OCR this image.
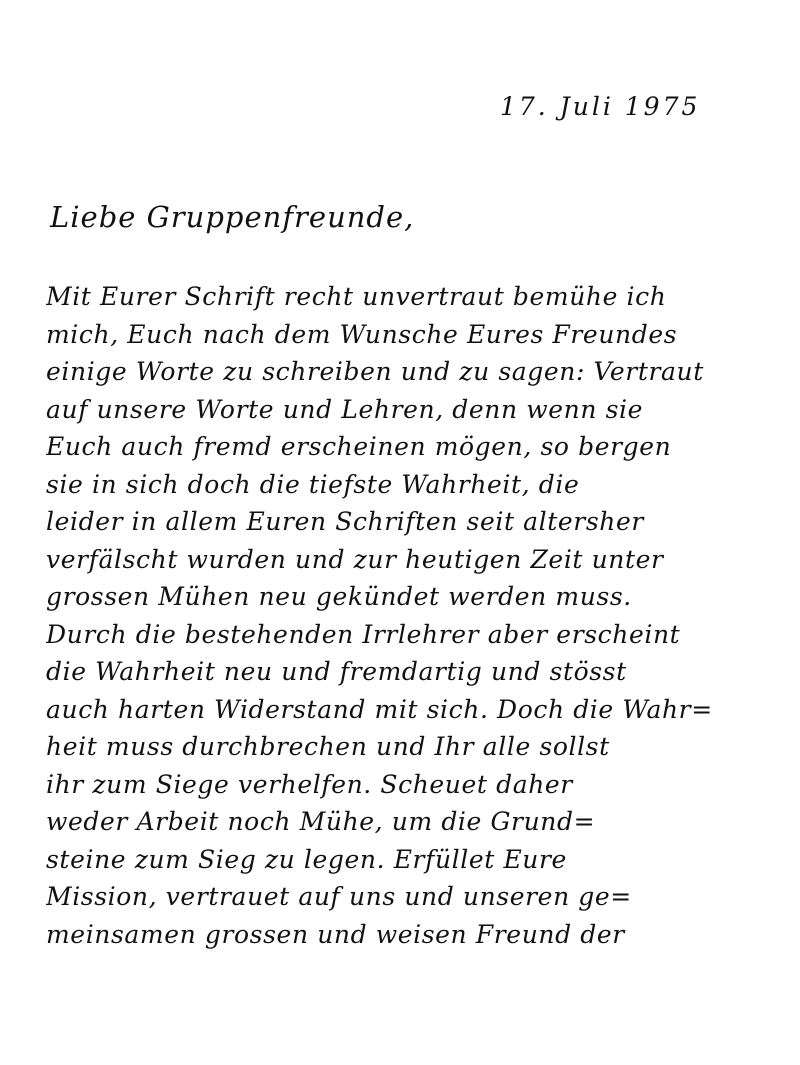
17. Juli 1975
Liebe Gruppenfreunde,
Mit Eurer Schrift recht unvertraut bemühe ich
mich, Euch nach dem Wunsche Eures Freundes
einige Worte zu schreiben und zu sagen: Vertraut
auf unsere Worte und Lehren, denn wenn sie
Euch auch fremd erscheinen mögen, so bergen
sie in sich doch die tiefste Wahrheit, die
leider in allem Euren Schriften seit altersher
verfälscht wurden und zur heutigen Zeit unter
grossen Mühen neu gekündet werden muss.
Durch die bestehenden Irrlehrer aber erscheint
die Wahrheit neu und fremdartig und stösst
auch harten Widerstand mit sich. Doch die Wahr=
heit muss durchbrechen und Ihr alle sollst
ihr zum Siege verhelfen. Scheuet daher
weder Arbeit noch Mühe, um die Grund=
steine zum Sieg zu legen. Erfüllet Eure
Mission, vertrauet auf uns und unseren ge=
meinsamen grossen und weisen Freund der
